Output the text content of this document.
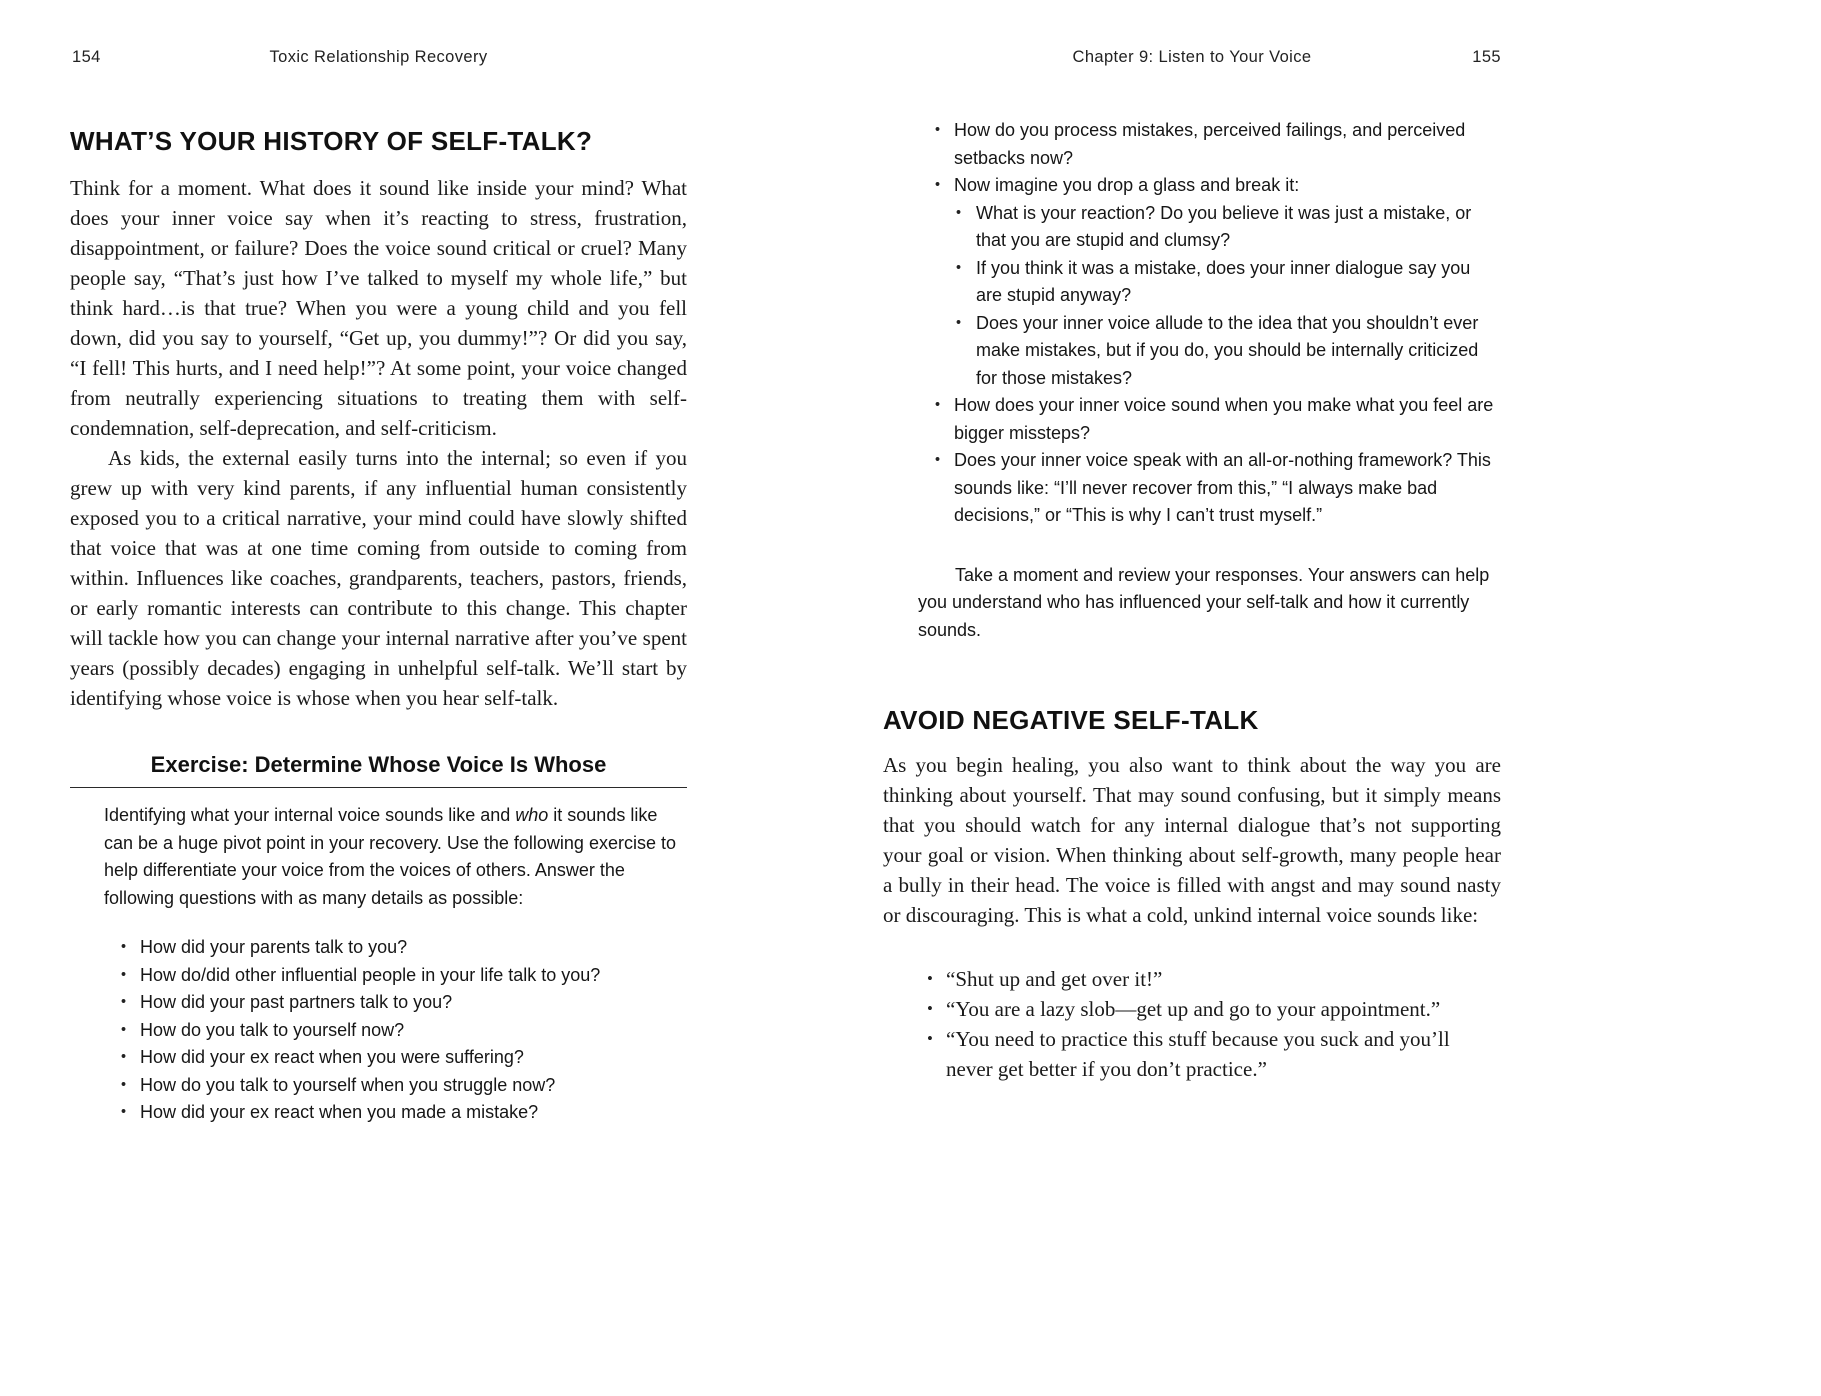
154	Toxic Relationship Recovery
WHAT’S YOUR HISTORY OF SELF-TALK?

Think for a moment. What does it sound like inside your mind? What does your inner voice say when it’s reacting to stress, frustration, disappointment, or failure? Does the voice sound critical or cruel? Many people say, “That’s just how I’ve talked to myself my whole life,” but think hard…is that true? When you were a young child and you fell down, did you say to yourself, “Get up, you dummy!”? Or did you say, “I fell! This hurts, and I need help!”? At some point, your voice changed from neutrally experiencing situations to treating them with self-condemnation, self-deprecation, and self-criticism.

As kids, the external easily turns into the internal; so even if you grew up with very kind parents, if any influential human consistently exposed you to a critical narrative, your mind could have slowly shifted that voice that was at one time coming from outside to coming from within. Influences like coaches, grandparents, teachers, pastors, friends, or early romantic interests can contribute to this change. This chapter will tackle how you can change your internal narrative after you’ve spent years (possibly decades) engaging in unhelpful self-talk. We’ll start by identifying whose voice is whose when you hear self-talk.

Exercise: Determine Whose Voice Is Whose

Identifying what your internal voice sounds like and who it sounds like can be a huge pivot point in your recovery. Use the following exercise to help differentiate your voice from the voices of others. Answer the following questions with as many details as possible:

• How did your parents talk to you?
• How do/did other influential people in your life talk to you?
• How did your past partners talk to you?
• How do you talk to yourself now?
• How did your ex react when you were suffering?
• How do you talk to yourself when you struggle now?
• How did your ex react when you made a mistake?
Chapter 9: Listen to Your Voice	155
• How do you process mistakes, perceived failings, and perceived setbacks now?
• Now imagine you drop a glass and break it:
• What is your reaction? Do you believe it was just a mistake, or that you are stupid and clumsy?
• If you think it was a mistake, does your inner dialogue say you are stupid anyway?
• Does your inner voice allude to the idea that you shouldn’t ever make mistakes, but if you do, you should be internally criticized for those mistakes?
• How does your inner voice sound when you make what you feel are bigger missteps?
• Does your inner voice speak with an all-or-nothing framework? This sounds like: “I’ll never recover from this,” “I always make bad decisions,” or “This is why I can’t trust myself.”

Take a moment and review your responses. Your answers can help you understand who has influenced your self-talk and how it currently sounds.

AVOID NEGATIVE SELF-TALK

As you begin healing, you also want to think about the way you are thinking about yourself. That may sound confusing, but it simply means that you should watch for any internal dialogue that’s not supporting your goal or vision. When thinking about self-growth, many people hear a bully in their head. The voice is filled with angst and may sound nasty or discouraging. This is what a cold, unkind internal voice sounds like:

• “Shut up and get over it!”
• “You are a lazy slob—get up and go to your appointment.”
• “You need to practice this stuff because you suck and you’ll never get better if you don’t practice.”
